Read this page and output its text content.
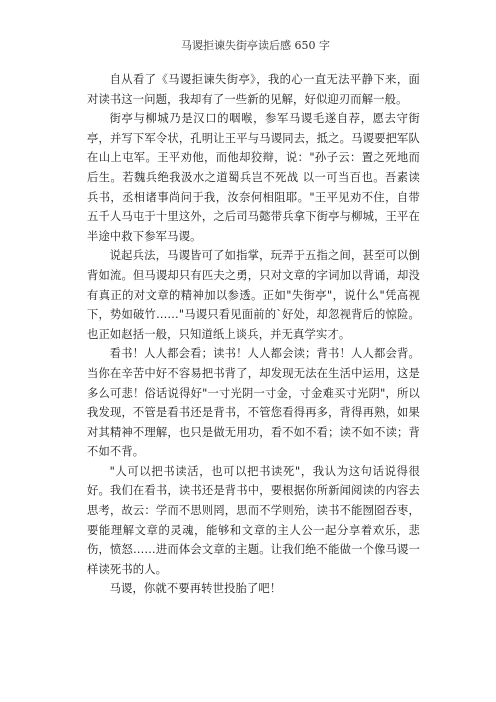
马谡拒谏失街亭读后感 650 字

自从看了《马谡拒谏失街亭》，我的心一直无法平静下来，面对读书这一问题，我却有了一些新的见解，好似迎刃而解一般。

街亭与柳城乃是汉口的咽喉，参军马谡毛遂自荐，愿去守街亭，并写下军令状，孔明让王平与马谡同去，抵之。马谡要把军队在山上屯军。王平劝他，而他却狡辩，说："孙子云：置之死地而后生。若魏兵绝我汲水之道蜀兵岂不死战 以一可当百也。吾素读兵书，丞相诸事尚问于我，汝奈何相阻耶。"王平见劝不住，自带五千人马屯于十里这外，之后司马懿带兵拿下街亭与柳城，王平在半途中救下参军马谡。

说起兵法，马谡皆可了如指掌，玩弄于五指之间，甚至可以倒背如流。但马谡却只有匹夫之勇，只对文章的字词加以背诵，却没有真正的对文章的精神加以参透。正如"失街亭"，说什么"凭高视下，势如破竹……"马谡只看见面前的`好处，却忽视背后的惊险。也正如赵括一般，只知道纸上谈兵，并无真学实才。

看书！人人都会看；读书！人人都会读；背书！人人都会背。当你在辛苦中好不容易把书背了，却发现无法在生活中运用，这是多么可悲！俗话说得好"一寸光阴一寸金，寸金难买寸光阴"，所以我发现，不管是看书还是背书，不管您看得再多，背得再熟，如果对其精神不理解，也只是做无用功，看不如不看；读不如不读；背不如不背。

"人可以把书读活，也可以把书读死"，我认为这句话说得很好。我们在看书，读书还是背书中，要根据你所新闻阅读的内容去思考，故云：学而不思则罔，思而不学则殆，读书不能囫囵吞枣，要能理解文章的灵魂，能够和文章的主人公一起分享着欢乐，悲伤，愤怒……进而体会文章的主题。让我们绝不能做一个像马谡一样读死书的人。

马谡，你就不要再转世投胎了吧！
